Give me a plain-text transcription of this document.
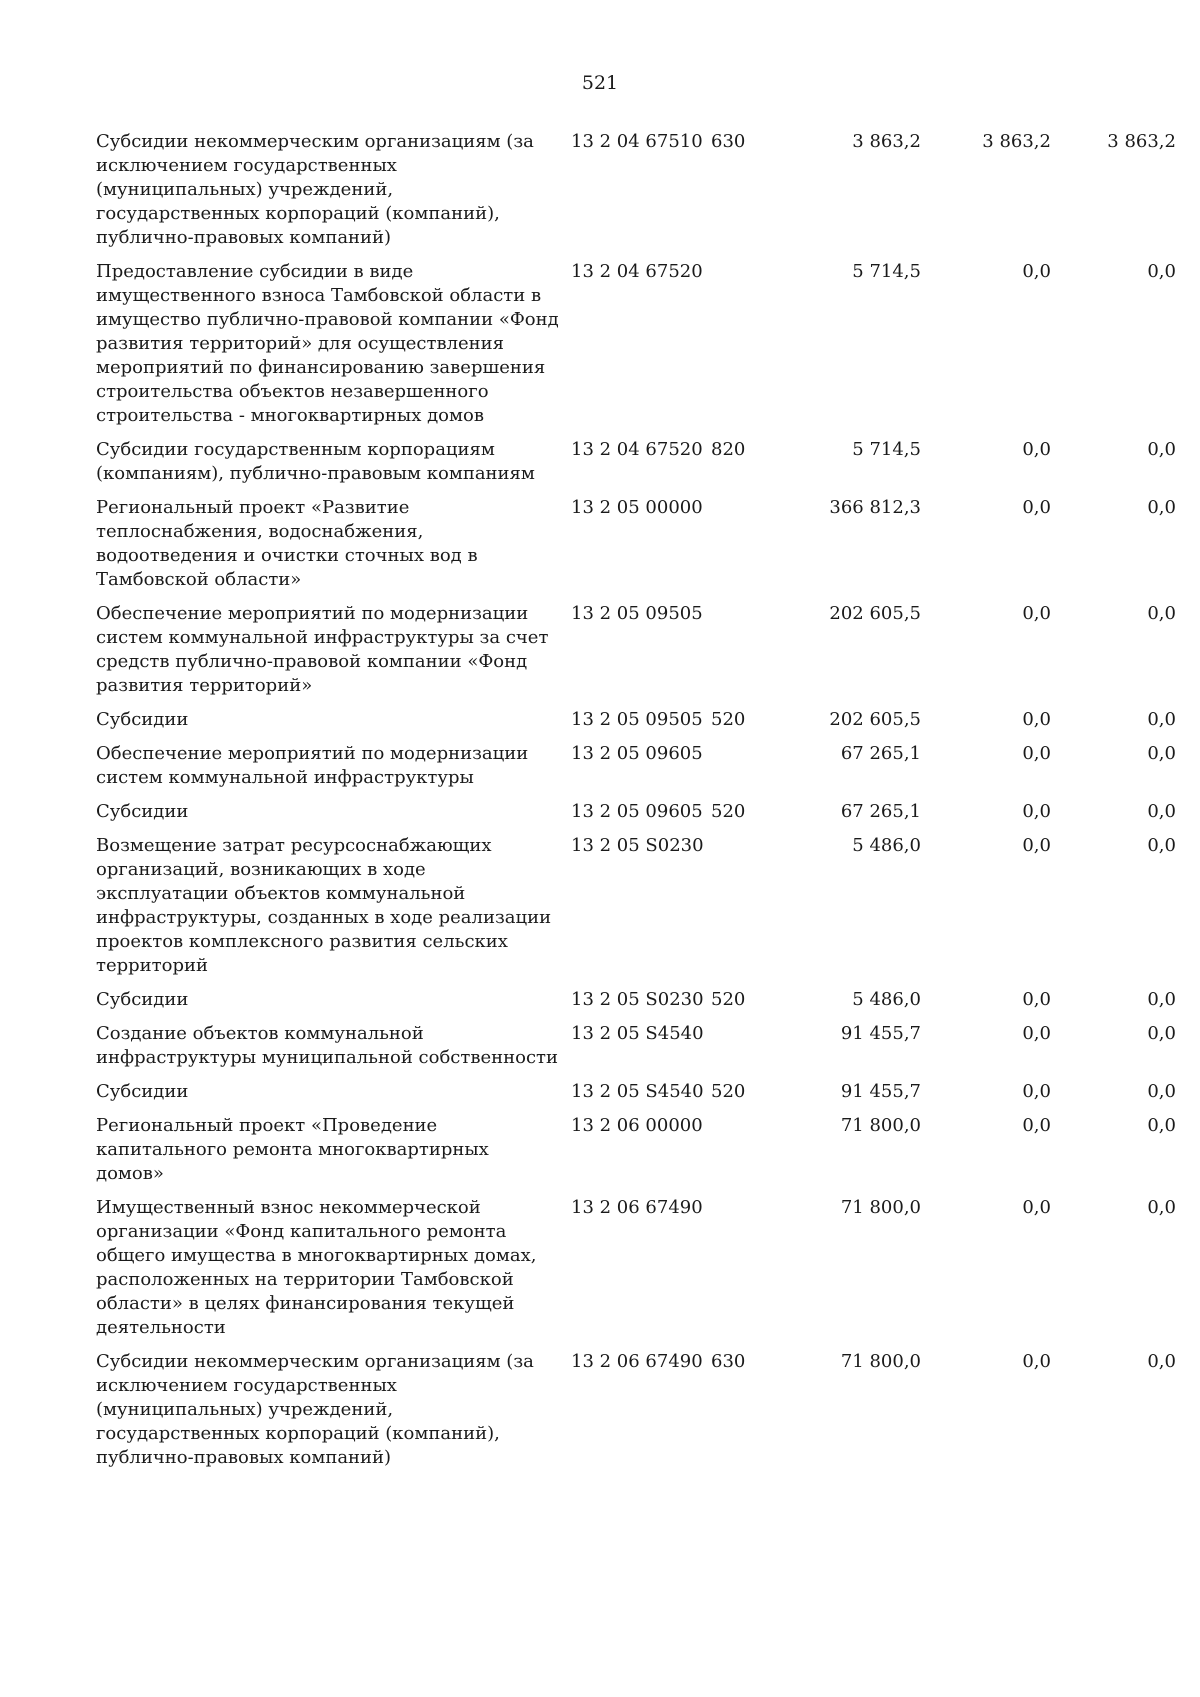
521
Субсидии некоммерческим организациям (за исключением государственных (муниципальных) учреждений, государственных корпораций (компаний), публично-правовых компаний)	13 2 04 67510	630	3 863,2	3 863,2	3 863,2
Предоставление субсидии в виде имущественного взноса Тамбовской области в имущество публично-правовой компании «Фонд развития территорий» для осуществления мероприятий по финансированию завершения строительства объектов незавершенного строительства - многоквартирных домов	13 2 04 67520		5 714,5	0,0	0,0
Субсидии государственным корпорациям (компаниям), публично-правовым компаниям	13 2 04 67520	820	5 714,5	0,0	0,0
Региональный проект «Развитие теплоснабжения, водоснабжения, водоотведения и очистки сточных вод в Тамбовской области»	13 2 05 00000		366 812,3	0,0	0,0
Обеспечение мероприятий по модернизации систем коммунальной инфраструктуры за счет средств публично-правовой компании «Фонд развития территорий»	13 2 05 09505		202 605,5	0,0	0,0
Субсидии	13 2 05 09505	520	202 605,5	0,0	0,0
Обеспечение мероприятий по модернизации систем коммунальной инфраструктуры	13 2 05 09605		67 265,1	0,0	0,0
Субсидии	13 2 05 09605	520	67 265,1	0,0	0,0
Возмещение затрат ресурсоснабжающих организаций, возникающих в ходе эксплуатации объектов коммунальной инфраструктуры, созданных в ходе реализации проектов комплексного развития сельских территорий	13 2 05 S0230		5 486,0	0,0	0,0
Субсидии	13 2 05 S0230	520	5 486,0	0,0	0,0
Создание объектов коммунальной инфраструктуры муниципальной собственности	13 2 05 S4540		91 455,7	0,0	0,0
Субсидии	13 2 05 S4540	520	91 455,7	0,0	0,0
Региональный проект «Проведение капитального ремонта многоквартирных домов»	13 2 06 00000		71 800,0	0,0	0,0
Имущественный взнос некоммерческой организации «Фонд капитального ремонта общего имущества в многоквартирных домах, расположенных на территории Тамбовской области» в целях финансирования текущей деятельности	13 2 06 67490		71 800,0	0,0	0,0
Субсидии некоммерческим организациям (за исключением государственных (муниципальных) учреждений, государственных корпораций (компаний), публично-правовых компаний)	13 2 06 67490	630	71 800,0	0,0	0,0
